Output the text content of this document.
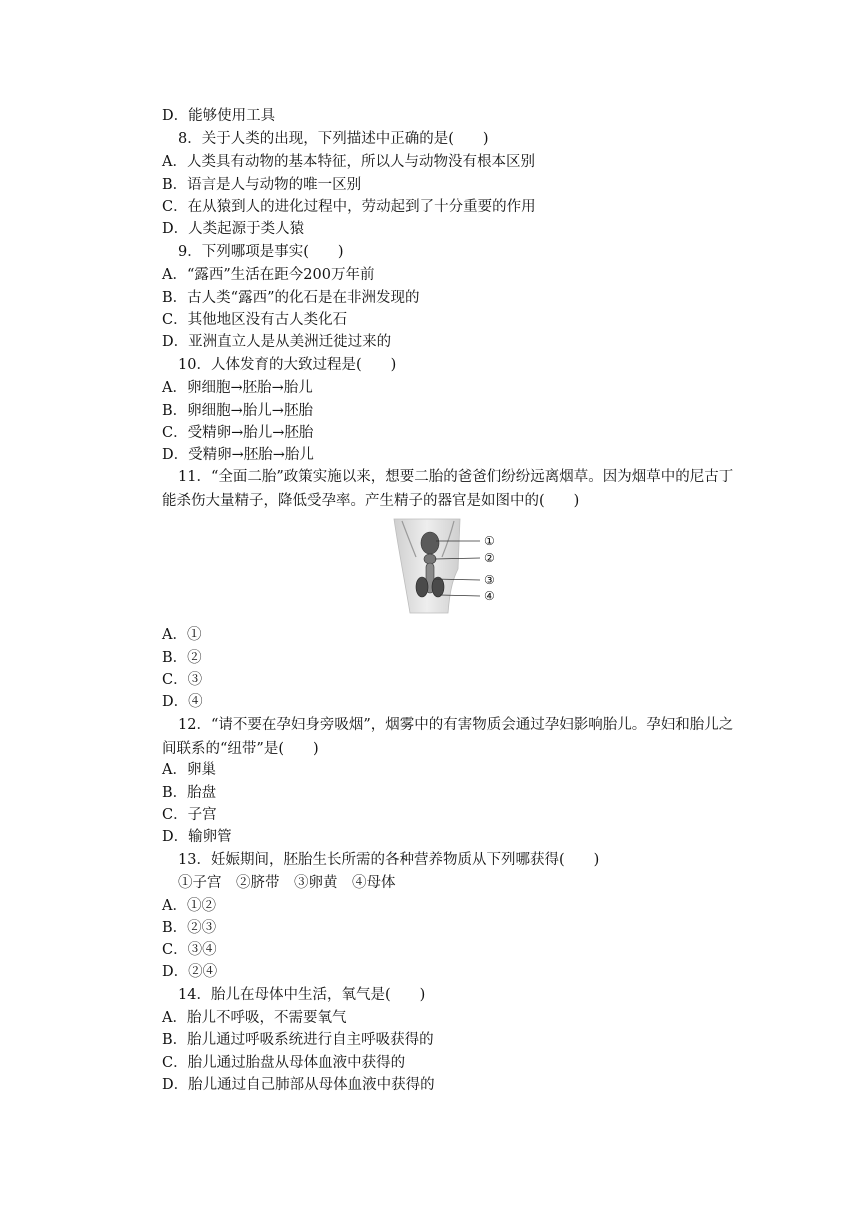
D．能够使用工具
8．关于人类的出现，下列描述中正确的是(　　)
A．人类具有动物的基本特征，所以人与动物没有根本区别
B．语言是人与动物的唯一区别
C．在从猿到人的进化过程中，劳动起到了十分重要的作用
D．人类起源于类人猿
9．下列哪项是事实(　　)
A．“露西”生活在距今200万年前
B．古人类“露西”的化石是在非洲发现的
C．其他地区没有古人类化石
D．亚洲直立人是从美洲迁徙过来的
10．人体发育的大致过程是(　　)
A．卵细胞→胚胎→胎儿
B．卵细胞→胎儿→胚胎
C．受精卵→胎儿→胚胎
D．受精卵→胚胎→胎儿
11．“全面二胎”政策实施以来，想要二胎的爸爸们纷纷远离烟草。因为烟草中的尼古丁能杀伤大量精子，降低受孕率。产生精子的器官是如图中的(　　)
①
②
③
④
A．①
B．②
C．③
D．④
12．“请不要在孕妇身旁吸烟”，烟雾中的有害物质会通过孕妇影响胎儿。孕妇和胎儿之间联系的“纽带”是(　　)
A．卵巢
B．胎盘
C．子宫
D．输卵管
13．妊娠期间，胚胎生长所需的各种营养物质从下列哪获得(　　)
①子宫　②脐带　③卵黄　④母体
A．①②
B．②③
C．③④
D．②④
14．胎儿在母体中生活，氧气是(　　)
A．胎儿不呼吸，不需要氧气
B．胎儿通过呼吸系统进行自主呼吸获得的
C．胎儿通过胎盘从母体血液中获得的
D．胎儿通过自己肺部从母体血液中获得的
